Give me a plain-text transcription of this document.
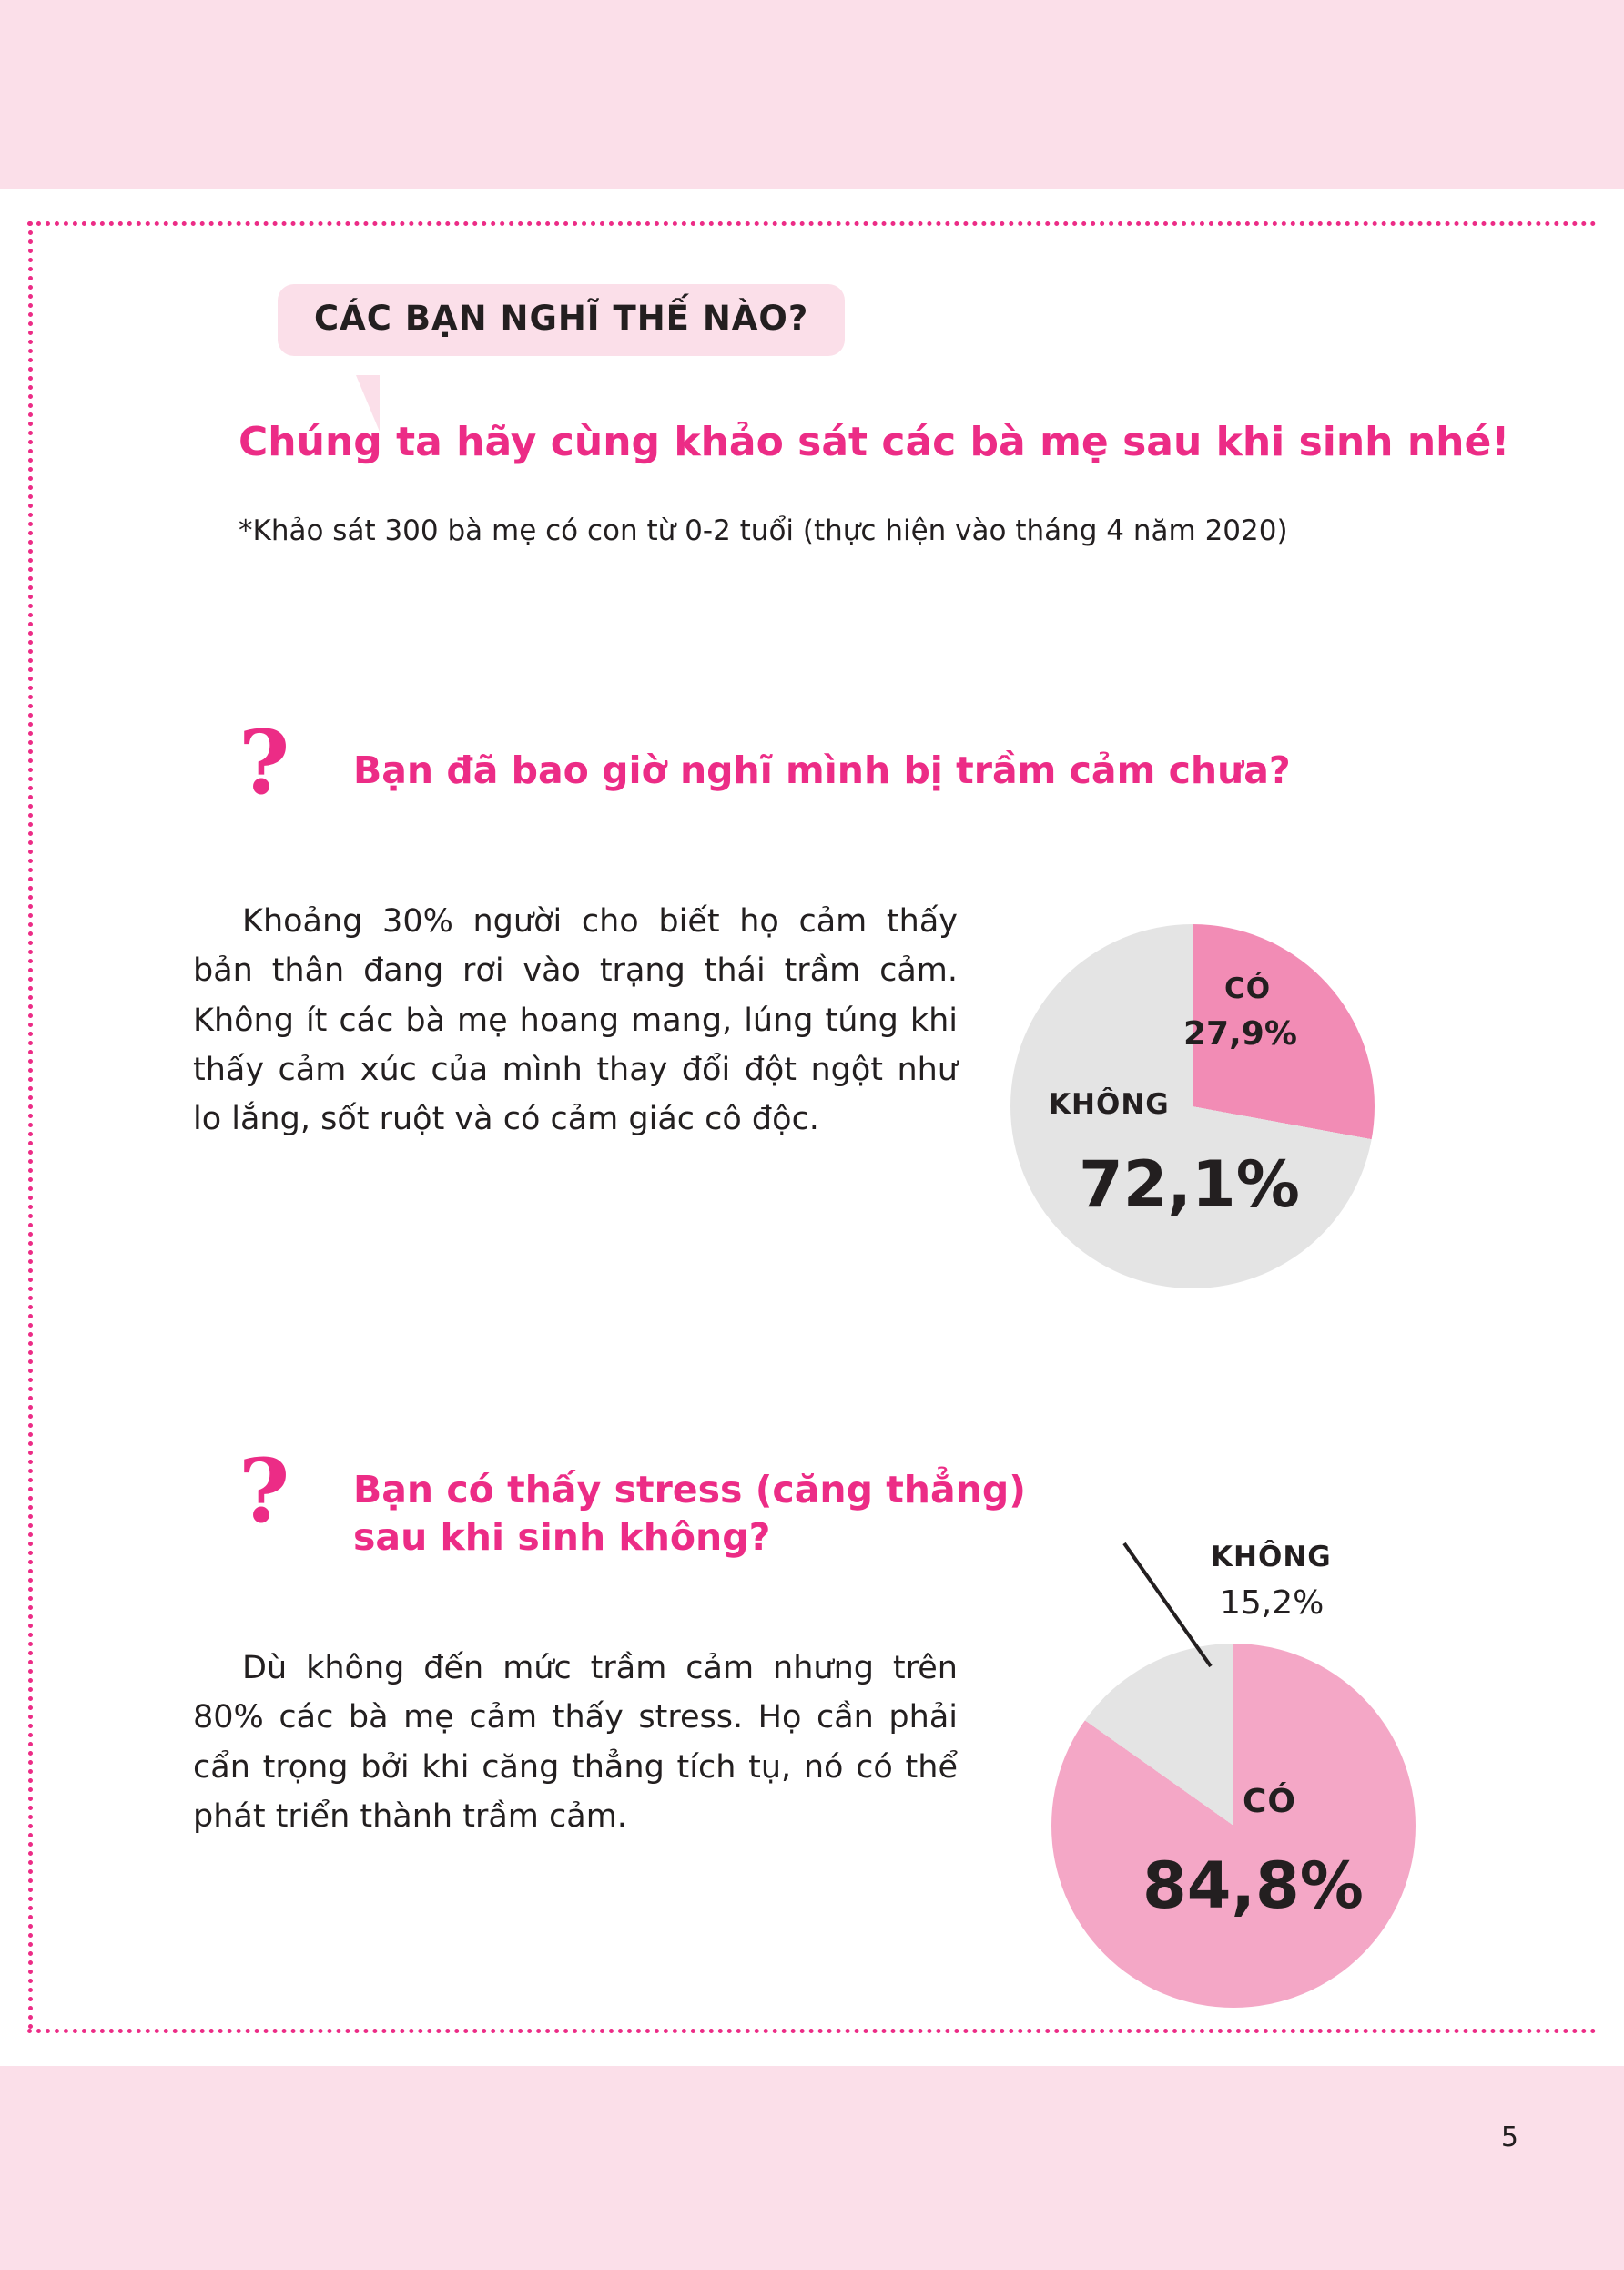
CÁC BẠN NGHĨ THẾ NÀO?
Chúng ta hãy cùng khảo sát các bà mẹ sau khi sinh nhé!
*Khảo sát 300 bà mẹ có con từ 0-2 tuổi (thực hiện vào tháng 4 năm 2020)
? Bạn đã bao giờ nghĩ mình bị trầm cảm chưa?
Khoảng 30% người cho biết họ cảm thấy bản thân đang rơi vào trạng thái trầm cảm. Không ít các bà mẹ hoang mang, lúng túng khi thấy cảm xúc của mình thay đổi đột ngột như lo lắng, sốt ruột và có cảm giác cô độc.
CÓ
27,9%
KHÔNG
72,1%
? Bạn có thấy stress (căng thẳng) sau khi sinh không?
Dù không đến mức trầm cảm nhưng trên 80% các bà mẹ cảm thấy stress. Họ cần phải cẩn trọng bởi khi căng thẳng tích tụ, nó có thể phát triển thành trầm cảm.
KHÔNG
15,2%
CÓ
84,8%
5
